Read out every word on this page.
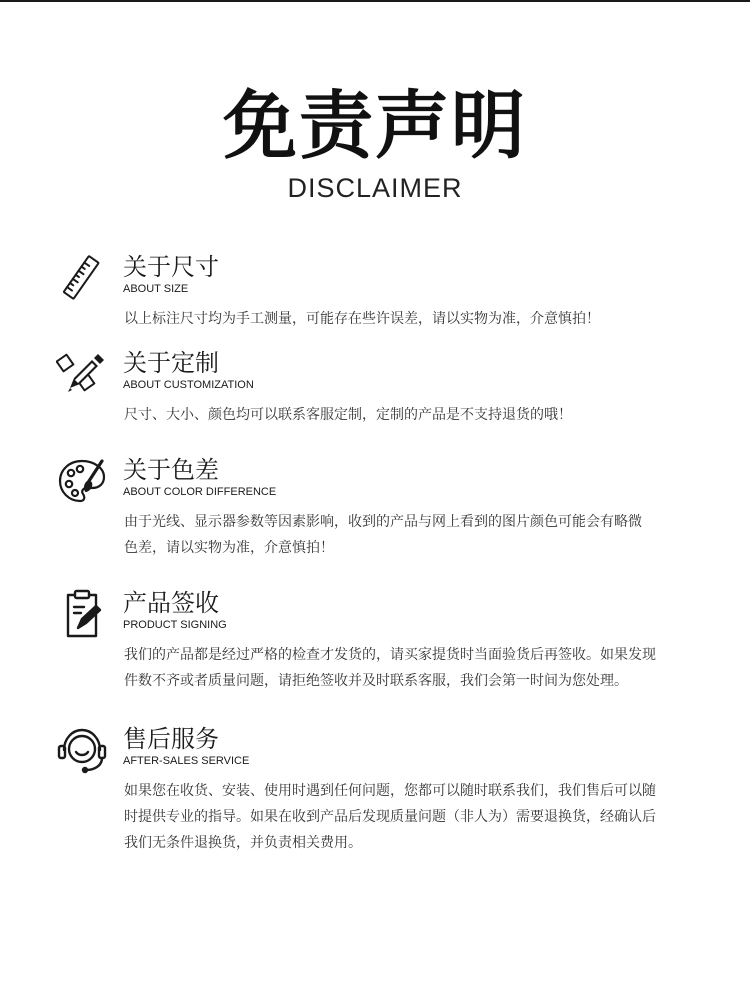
免责声明
DISCLAIMER
关于尺寸
ABOUT SIZE

以上标注尺寸均为手工测量，可能存在些许误差，请以实物为准，介意慎拍！

关于定制
ABOUT CUSTOMIZATION

尺寸、大小、颜色均可以联系客服定制，定制的产品是不支持退货的哦！

关于色差
ABOUT COLOR DIFFERENCE

由于光线、显示器参数等因素影响，收到的产品与网上看到的图片颜色可能会有略微

色差，请以实物为准，介意慎拍！

产品签收
PRODUCT SIGNING

我们的产品都是经过严格的检查才发货的，请买家提货时当面验货后再签收。如果发现

件数不齐或者质量问题，请拒绝签收并及时联系客服，我们会第一时间为您处理。

售后服务
AFTER-SALES SERVICE

如果您在收货、安装、使用时遇到任何问题，您都可以随时联系我们，我们售后可以随

时提供专业的指导。如果在收到产品后发现质量问题（非人为）需要退换货，经确认后

我们无条件退换货，并负责相关费用。
